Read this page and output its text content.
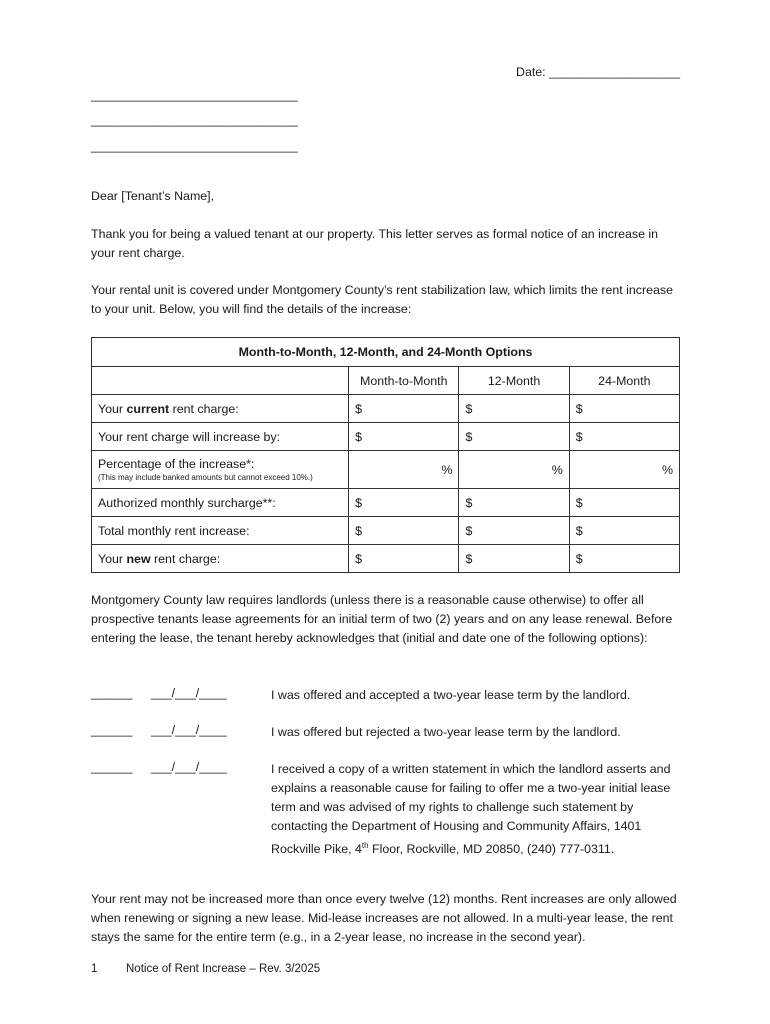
Date: ___________________
______________________________
______________________________
______________________________

Dear [Tenant’s Name],

Thank you for being a valued tenant at our property. This letter serves as formal notice of an increase in your rent charge.

Your rental unit is covered under Montgomery County’s rent stabilization law, which limits the rent increase to your unit. Below, you will find the details of the increase:

Month-to-Month, 12-Month, and 24-Month Options			
	Month-to-Month	12-Month	24-Month
Your current rent charge:	$	$	$
Your rent charge will increase by:	$	$	$
Percentage of the increase*:
(This may include banked amounts but cannot exceed 10%.)	%	%	%
Authorized monthly surcharge**:	$	$	$
Total monthly rent increase:	$	$	$
Your new rent charge:	$	$	$

Montgomery County law requires landlords (unless there is a reasonable cause otherwise) to offer all prospective tenants lease agreements for an initial term of two (2) years and on any lease renewal. Before entering the lease, the tenant hereby acknowledges that (initial and date one of the following options):

______ ___/___/____	I was offered and accepted a two-year lease term by the landlord.
______ ___/___/____	I was offered but rejected a two-year lease term by the landlord.
______ ___/___/____	I received a copy of a written statement in which the landlord asserts and explains a reasonable cause for failing to offer me a two-year initial lease term and was advised of my rights to challenge such statement by contacting the Department of Housing and Community Affairs, 1401 Rockville Pike, 4th Floor, Rockville, MD 20850, (240) 777-0311.

Your rent may not be increased more than once every twelve (12) months. Rent increases are only allowed when renewing or signing a new lease. Mid-lease increases are not allowed. In a multi-year lease, the rent stays the same for the entire term (e.g., in a 2-year lease, no increase in the second year).

1 Notice of Rent Increase – Rev. 3/2025
